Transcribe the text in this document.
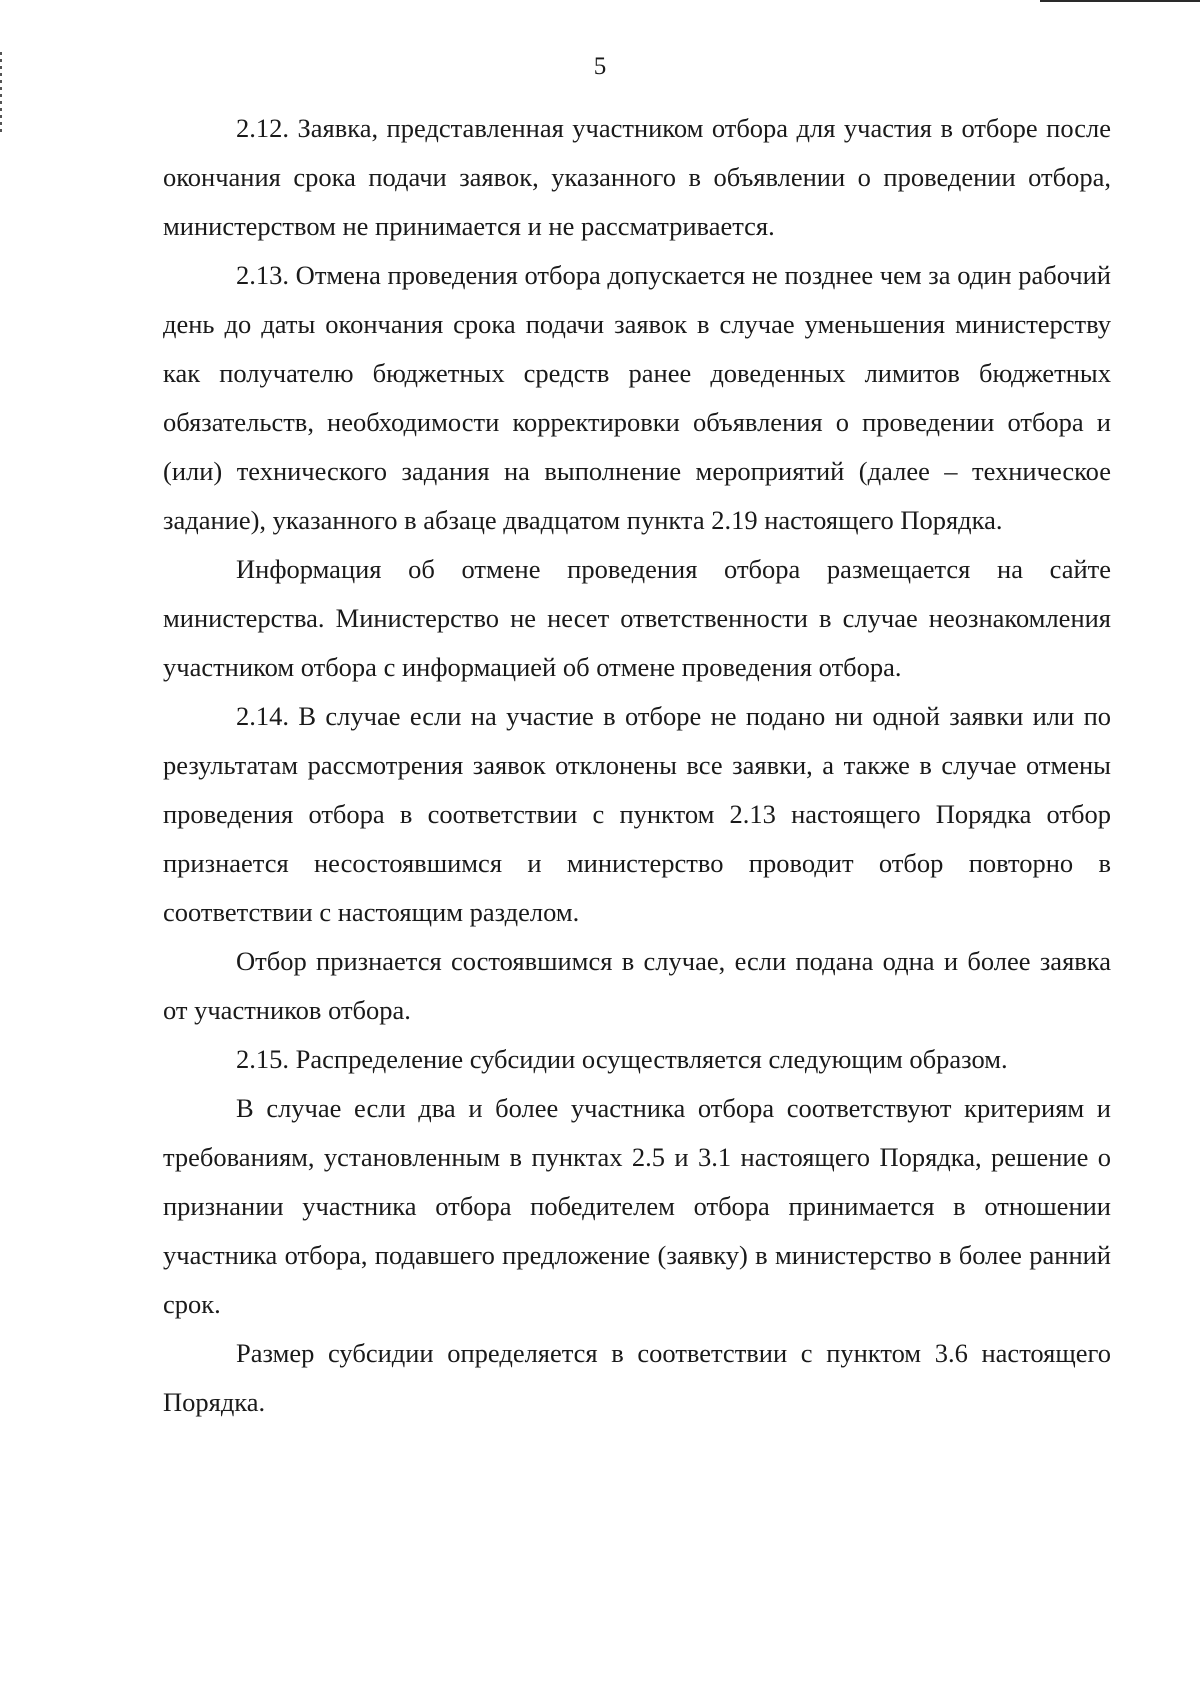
5

2.12. Заявка, представленная участником отбора для участия в отборе после окончания срока подачи заявок, указанного в объявлении о проведении отбора, министерством не принимается и не рассматривается.

2.13. Отмена проведения отбора допускается не позднее чем за один рабочий день до даты окончания срока подачи заявок в случае уменьшения министерству как получателю бюджетных средств ранее доведенных лимитов бюджетных обязательств, необходимости корректировки объявления о проведении отбора и (или) технического задания на выполнение мероприятий (далее – техническое задание), указанного в абзаце двадцатом пункта 2.19 настоящего Порядка.

Информация об отмене проведения отбора размещается на сайте министерства. Министерство не несет ответственности в случае неознакомления участником отбора с информацией об отмене проведения отбора.

2.14. В случае если на участие в отборе не подано ни одной заявки или по результатам рассмотрения заявок отклонены все заявки, а также в случае отмены проведения отбора в соответствии с пунктом 2.13 настоящего Порядка отбор признается несостоявшимся и министерство проводит отбор повторно в соответствии с настоящим разделом.

Отбор признается состоявшимся в случае, если подана одна и более заявка от участников отбора.

2.15. Распределение субсидии осуществляется следующим образом.

В случае если два и более участника отбора соответствуют критериям и требованиям, установленным в пунктах 2.5 и 3.1 настоящего Порядка, решение о признании участника отбора победителем отбора принимается в отношении участника отбора, подавшего предложение (заявку) в министерство в более ранний срок.

Размер субсидии определяется в соответствии с пунктом 3.6 настоящего Порядка.
